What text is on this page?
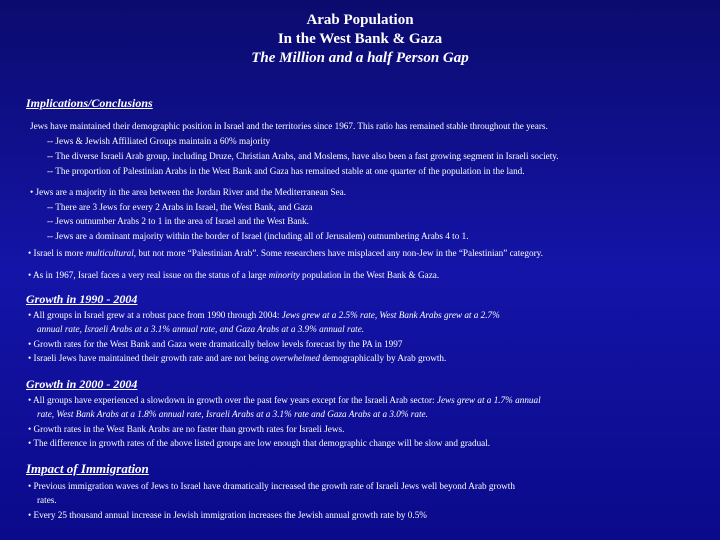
Arab Population
In the West Bank & Gaza
The Million and a half Person Gap
Implications/Conclusions
Jews have maintained their demographic position in Israel and the territories since 1967. This ratio has remained stable throughout the years.
-- Jews & Jewish Affiliated Groups maintain a 60% majority
-- The diverse Israeli Arab group, including Druze, Christian Arabs, and Moslems, have also been a fast growing segment in Israeli society.
-- The proportion of Palestinian Arabs in the West Bank and Gaza has remained stable at one quarter of the population in the land.
• Jews are a majority in the area between the Jordan River and the Mediterranean Sea.
-- There are 3 Jews for every 2 Arabs in Israel, the West Bank, and Gaza
-- Jews outnumber Arabs 2 to 1 in the area of Israel and the West Bank.
-- Jews are a dominant majority within the border of Israel (including all of Jerusalem) outnumbering Arabs 4 to 1.
• Israel is more multicultural, but not more “Palestinian Arab”. Some researchers have misplaced any non-Jew in the “Palestinian” category.
• As in 1967, Israel faces a very real issue on the status of a large minority population in the West Bank & Gaza.
Growth in 1990 - 2004
• All groups in Israel grew at a robust pace from 1990 through 2004: Jews grew at a 2.5% rate, West Bank Arabs grew at a 2.7%
annual rate, Israeli Arabs at a 3.1% annual rate, and Gaza Arabs at a 3.9% annual rate.
• Growth rates for the West Bank and Gaza were dramatically below levels forecast by the PA in 1997
• Israeli Jews have maintained their growth rate and are not being overwhelmed demographically by Arab growth.
Growth in 2000 - 2004
• All groups have experienced a slowdown in growth over the past few years except for the Israeli Arab sector: Jews grew at a 1.7% annual
rate, West Bank Arabs at a 1.8% annual rate, Israeli Arabs at a 3.1% rate and Gaza Arabs at a 3.0% rate.
• Growth rates in the West Bank Arabs are no faster than growth rates for Israeli Jews.
• The difference in growth rates of the above listed groups are low enough that demographic change will be slow and gradual.
Impact of Immigration
• Previous immigration waves of Jews to Israel have dramatically increased the growth rate of Israeli Jews well beyond Arab growth
rates.
• Every 25 thousand annual increase in Jewish immigration increases the Jewish annual growth rate by 0.5%
